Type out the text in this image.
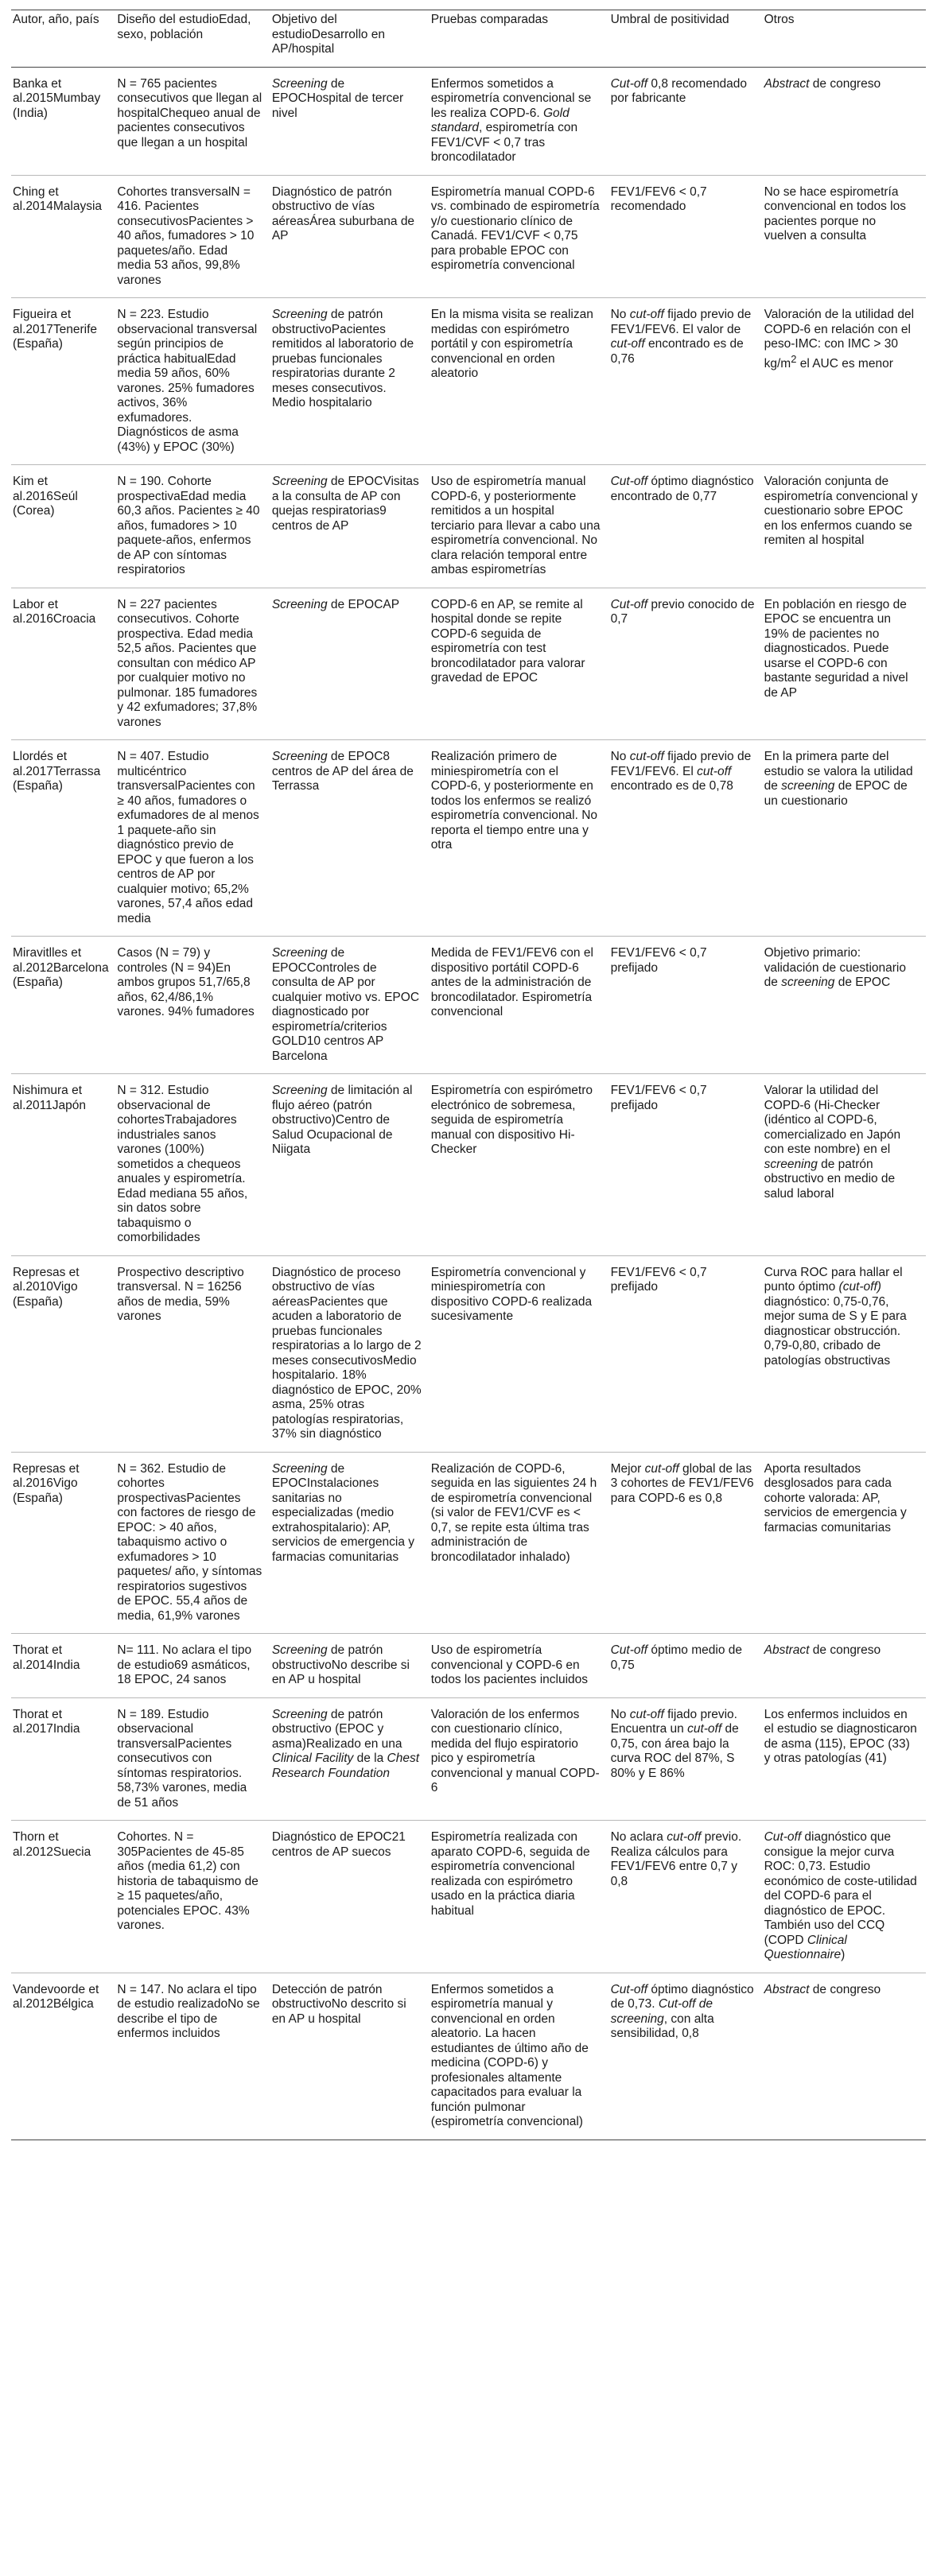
Autor, año, país	Diseño del estudioEdad, sexo, población	Objetivo del estudioDesarrollo en AP/hospital	Pruebas comparadas	Umbral de positividad	Otros
Banka et al.2015Mumbay (India)	N = 765 pacientes consecutivos que llegan al hospitalChequeo anual de pacientes consecutivos que llegan a un hospital	Screening de EPOCHospital de tercer nivel	Enfermos sometidos a espirometría convencional se les realiza COPD-6. Gold standard, espirometría con FEV1/CVF < 0,7 tras broncodilatador	Cut-off 0,8 recomendado por fabricante	Abstract de congreso
Ching et al.2014Malaysia	Cohortes transversalN = 416. Pacientes consecutivosPacientes > 40 años, fumadores > 10 paquetes/año. Edad media 53 años, 99,8% varones	Diagnóstico de patrón obstructivo de vías aéreasÁrea suburbana de AP	Espirometría manual COPD-6 vs. combinado de espirometría y/o cuestionario clínico de Canadá. FEV1/CVF < 0,75 para probable EPOC con espirometría convencional	FEV1/FEV6 < 0,7 recomendado	No se hace espirometría convencional en todos los pacientes porque no vuelven a consulta
Figueira et al.2017Tenerife (España)	N = 223. Estudio observacional transversal según principios de práctica habitualEdad media 59 años, 60% varones. 25% fumadores activos, 36% exfumadores. Diagnósticos de asma (43%) y EPOC (30%)	Screening de patrón obstructivoPacientes remitidos al laboratorio de pruebas funcionales respiratorias durante 2 meses consecutivos. Medio hospitalario	En la misma visita se realizan medidas con espirómetro portátil y con espirometría convencional en orden aleatorio	No cut-off fijado previo de FEV1/FEV6. El valor de cut-off encontrado es de 0,76	Valoración de la utilidad del COPD-6 en relación con el peso-IMC: con IMC > 30 $kg/m^2$ el AUC es menor
Kim et al.2016Seúl (Corea)	N = 190. Cohorte prospectivaEdad media 60,3 años. Pacientes ≥ 40 años, fumadores > 10 paquete-años, enfermos de AP con síntomas respiratorios	Screening de EPOCVisitas a la consulta de AP con quejas respiratorias9 centros de AP	Uso de espirometría manual COPD-6, y posteriormente remitidos a un hospital terciario para llevar a cabo una espirometría convencional. No clara relación temporal entre ambas espirometrías	Cut-off óptimo diagnóstico encontrado de 0,77	Valoración conjunta de espirometría convencional y cuestionario sobre EPOC en los enfermos cuando se remiten al hospital
Labor et al.2016Croacia	N = 227 pacientes consecutivos. Cohorte prospectiva. Edad media 52,5 años. Pacientes que consultan con médico AP por cualquier motivo no pulmonar. 185 fumadores y 42 exfumadores; 37,8% varones	Screening de EPOCAP	COPD-6 en AP, se remite al hospital donde se repite COPD-6 seguida de espirometría con test broncodilatador para valorar gravedad de EPOC	Cut-off previo conocido de 0,7	En población en riesgo de EPOC se encuentra un 19% de pacientes no diagnosticados. Puede usarse el COPD-6 con bastante seguridad a nivel de AP
Llordés et al.2017Terrassa (España)	N = 407. Estudio multicéntrico transversalPacientes con ≥ 40 años, fumadores o exfumadores de al menos 1 paquete-año sin diagnóstico previo de EPOC y que fueron a los centros de AP por cualquier motivo; 65,2% varones, 57,4 años edad media	Screening de EPOC8 centros de AP del área de Terrassa	Realización primero de miniespirometría con el COPD-6, y posteriormente en todos los enfermos se realizó espirometría convencional. No reporta el tiempo entre una y otra	No cut-off fijado previo de FEV1/FEV6. El cut-off encontrado es de 0,78	En la primera parte del estudio se valora la utilidad de screening de EPOC de un cuestionario
Miravitlles et al.2012Barcelona (España)	Casos (N = 79) y controles (N = 94)En ambos grupos 51,7/65,8 años, 62,4/86,1% varones. 94% fumadores	Screening de EPOCControles de consulta de AP por cualquier motivo vs. EPOC diagnosticado por espirometría/criterios GOLD10 centros AP Barcelona	Medida de FEV1/FEV6 con el dispositivo portátil COPD-6 antes de la administración de broncodilatador. Espirometría convencional	FEV1/FEV6 < 0,7 prefijado	Objetivo primario: validación de cuestionario de screening de EPOC
Nishimura et al.2011Japón	N = 312. Estudio observacional de cohortesTrabajadores industriales sanos varones (100%) sometidos a chequeos anuales y espirometría. Edad mediana 55 años, sin datos sobre tabaquismo o comorbilidades	Screening de limitación al flujo aéreo (patrón obstructivo)Centro de Salud Ocupacional de Niigata	Espirometría con espirómetro electrónico de sobremesa, seguida de espirometría manual con dispositivo Hi-Checker	FEV1/FEV6 < 0,7 prefijado	Valorar la utilidad del COPD-6 (Hi-Checker (idéntico al COPD-6, comercializado en Japón con este nombre) en el screening de patrón obstructivo en medio de salud laboral
Represas et al.2010Vigo (España)	Prospectivo descriptivo transversal. N = 16256 años de media, 59% varones	Diagnóstico de proceso obstructivo de vías aéreasPacientes que acuden a laboratorio de pruebas funcionales respiratorias a lo largo de 2 meses consecutivosMedio hospitalario. 18% diagnóstico de EPOC, 20% asma, 25% otras patologías respiratorias, 37% sin diagnóstico	Espirometría convencional y miniespirometría con dispositivo COPD-6 realizada sucesivamente	FEV1/FEV6 < 0,7 prefijado	Curva ROC para hallar el punto óptimo (cut-off) diagnóstico: 0,75-0,76, mejor suma de S y E para diagnosticar obstrucción. 0,79-0,80, cribado de patologías obstructivas
Represas et al.2016Vigo (España)	N = 362. Estudio de cohortes prospectivasPacientes con factores de riesgo de EPOC: > 40 años, tabaquismo activo o exfumadores > 10 paquetes/ año, y síntomas respiratorios sugestivos de EPOC. 55,4 años de media, 61,9% varones	Screening de EPOCInstalaciones sanitarias no especializadas (medio extrahospitalario): AP, servicios de emergencia y farmacias comunitarias	Realización de COPD-6, seguida en las siguientes 24 h de espirometría convencional (si valor de FEV1/CVF es < 0,7, se repite esta última tras administración de broncodilatador inhalado)	Mejor cut-off global de las 3 cohortes de FEV1/FEV6 para COPD-6 es 0,8	Aporta resultados desglosados para cada cohorte valorada: AP, servicios de emergencia y farmacias comunitarias
Thorat et al.2014India	N= 111. No aclara el tipo de estudio69 asmáticos, 18 EPOC, 24 sanos	Screening de patrón obstructivoNo describe si en AP u hospital	Uso de espirometría convencional y COPD-6 en todos los pacientes incluidos	Cut-off óptimo medio de 0,75	Abstract de congreso
Thorat et al.2017India	N = 189. Estudio observacional transversalPacientes consecutivos con síntomas respiratorios. 58,73% varones, media de 51 años	Screening de patrón obstructivo (EPOC y asma)Realizado en una Clinical Facility de la Chest Research Foundation	Valoración de los enfermos con cuestionario clínico, medida del flujo espiratorio pico y espirometría convencional y manual COPD-6	No cut-off fijado previo. Encuentra un cut-off de 0,75, con área bajo la curva ROC del 87%, S 80% y E 86%	Los enfermos incluidos en el estudio se diagnosticaron de asma (115), EPOC (33) y otras patologías (41)
Thorn et al.2012Suecia	Cohortes. N = 305Pacientes de 45-85 años (media 61,2) con historia de tabaquismo de ≥ 15 paquetes/año, potenciales EPOC. 43% varones.	Diagnóstico de EPOC21 centros de AP suecos	Espirometría realizada con aparato COPD-6, seguida de espirometría convencional realizada con espirómetro usado en la práctica diaria habitual	No aclara cut-off previo. Realiza cálculos para FEV1/FEV6 entre 0,7 y 0,8	Cut-off diagnóstico que consigue la mejor curva ROC: 0,73. Estudio económico de coste-utilidad del COPD-6 para el diagnóstico de EPOC. También uso del CCQ (COPD Clinical Questionnaire)
Vandevoorde et al.2012Bélgica	N = 147. No aclara el tipo de estudio realizadoNo se describe el tipo de enfermos incluidos	Detección de patrón obstructivoNo descrito si en AP u hospital	Enfermos sometidos a espirometría manual y convencional en orden aleatorio. La hacen estudiantes de último año de medicina (COPD-6) y profesionales altamente capacitados para evaluar la función pulmonar (espirometría convencional)	Cut-off óptimo diagnóstico de 0,73. Cut-off de screening, con alta sensibilidad, 0,8	Abstract de congreso
